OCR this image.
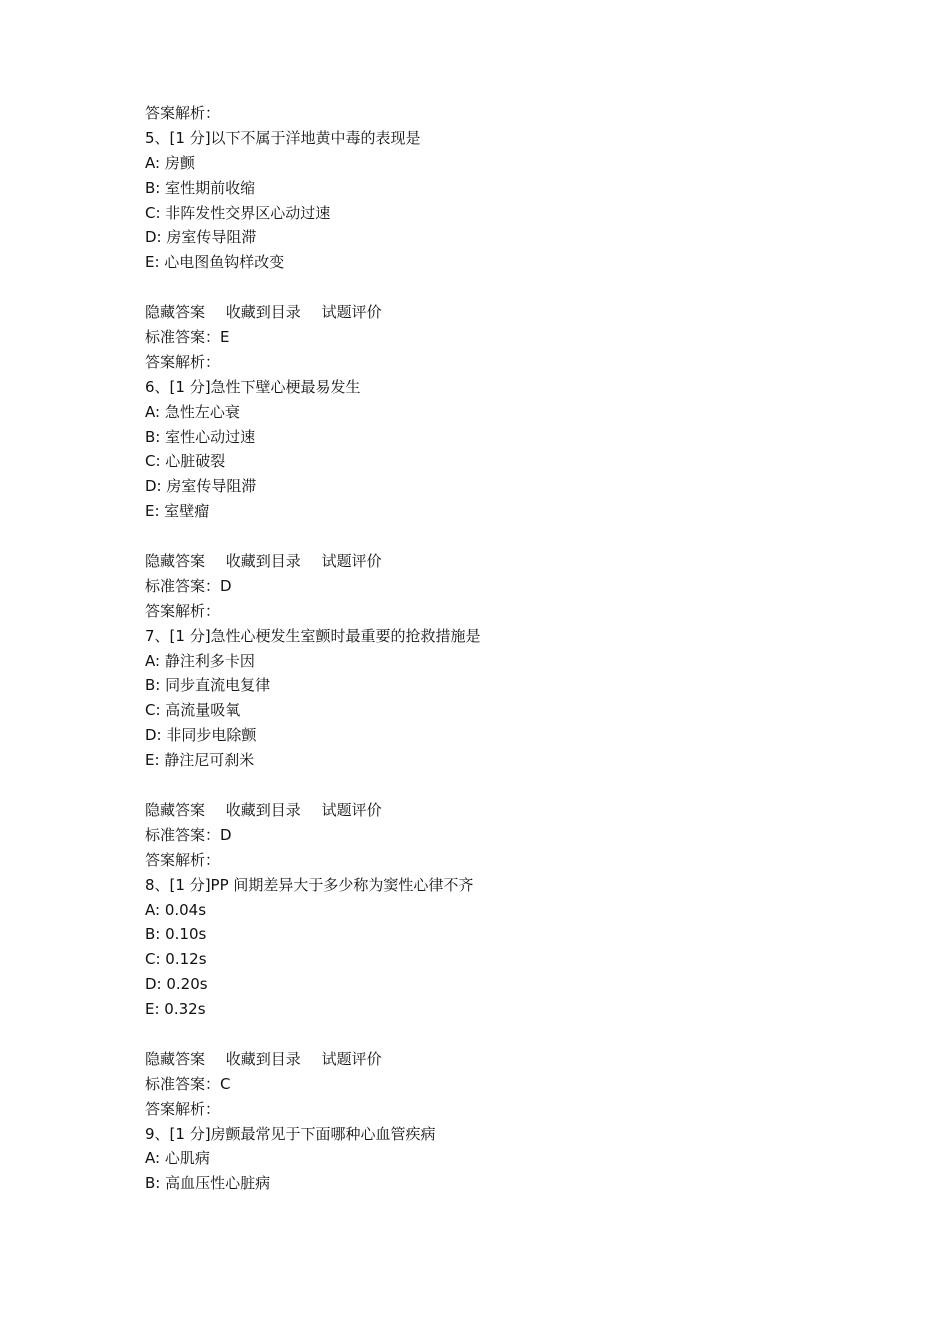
答案解析：
5、[1 分]以下不属于洋地黄中毒的表现是
A: 房颤
B: 室性期前收缩
C: 非阵发性交界区心动过速
D: 房室传导阻滞
E: 心电图鱼钩样改变
隐藏答案 收藏到目录 试题评价
标准答案：E
答案解析：
6、[1 分]急性下壁心梗最易发生
A: 急性左心衰
B: 室性心动过速
C: 心脏破裂
D: 房室传导阻滞
E: 室壁瘤
隐藏答案 收藏到目录 试题评价
标准答案：D
答案解析：
7、[1 分]急性心梗发生室颤时最重要的抢救措施是
A: 静注利多卡因
B: 同步直流电复律
C: 高流量吸氧
D: 非同步电除颤
E: 静注尼可刹米
隐藏答案 收藏到目录 试题评价
标准答案：D
答案解析：
8、[1 分]PP 间期差异大于多少称为窦性心律不齐
A: 0.04s
B: 0.10s
C: 0.12s
D: 0.20s
E: 0.32s
隐藏答案 收藏到目录 试题评价
标准答案：C
答案解析：
9、[1 分]房颤最常见于下面哪种心血管疾病
A: 心肌病
B: 高血压性心脏病
